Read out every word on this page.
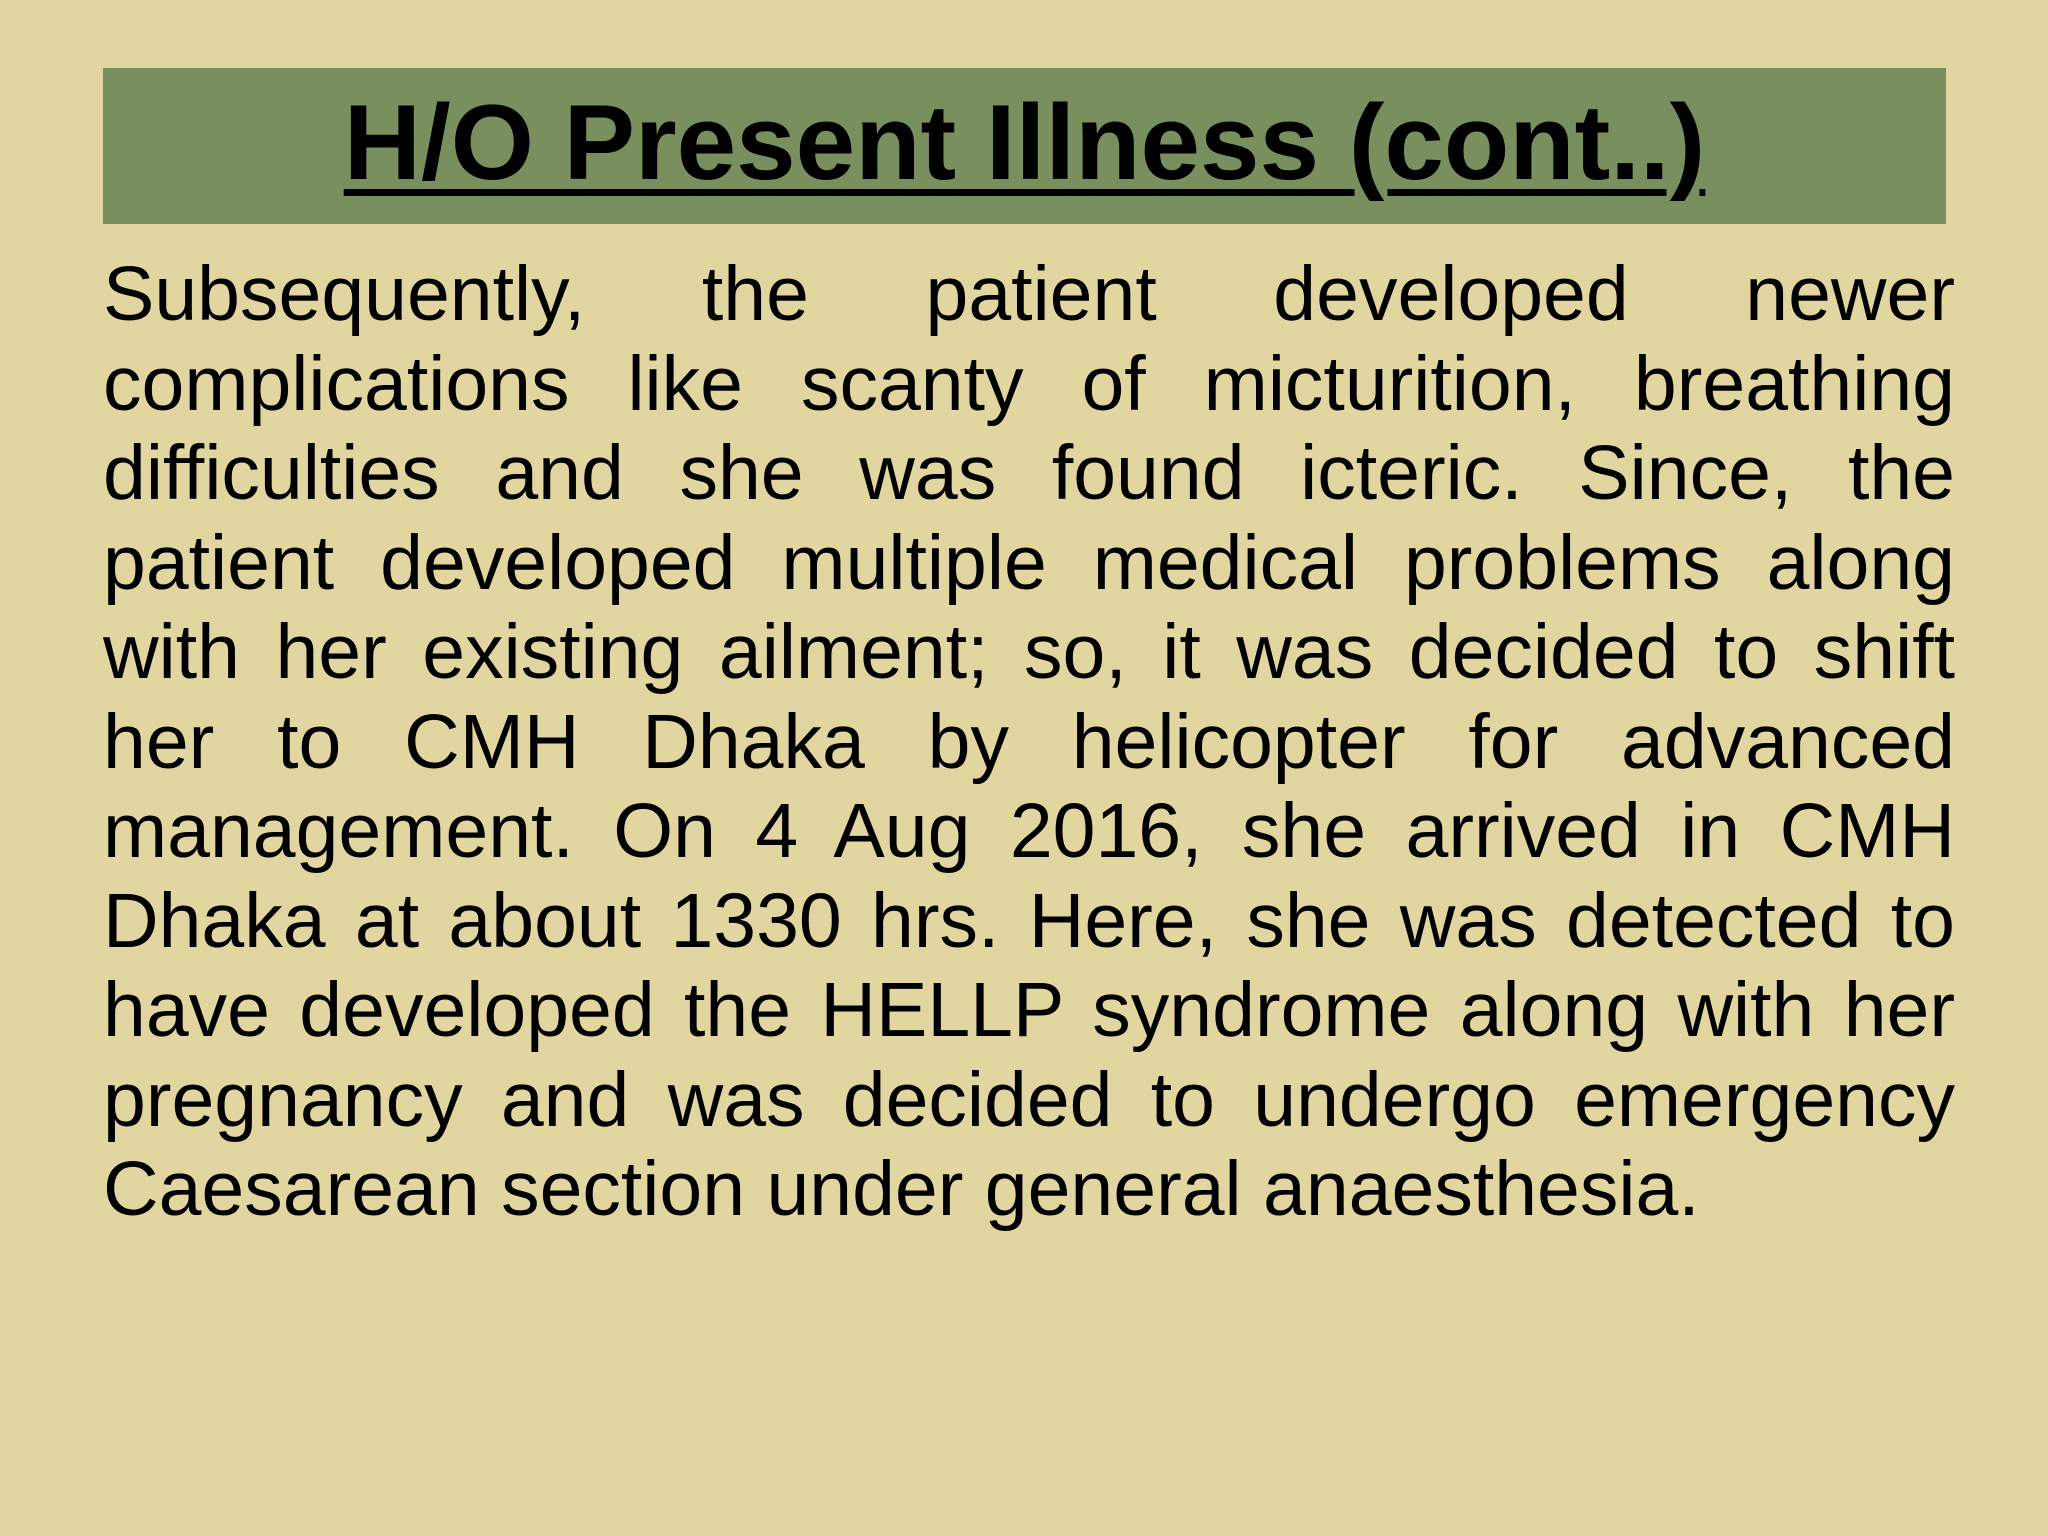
H/O Present Illness (cont..)

Subsequently, the patient developed newer complications like scanty of micturition, breathing difficulties and she was found icteric. Since, the patient developed multiple medical problems along with her existing ailment; so, it was decided to shift her to CMH Dhaka by helicopter for advanced management. On 4 Aug 2016, she arrived in CMH Dhaka at about 1330 hrs. Here, she was detected to have developed the HELLP syndrome along with her pregnancy and was decided to undergo emergency Caesarean section under general anaesthesia.
